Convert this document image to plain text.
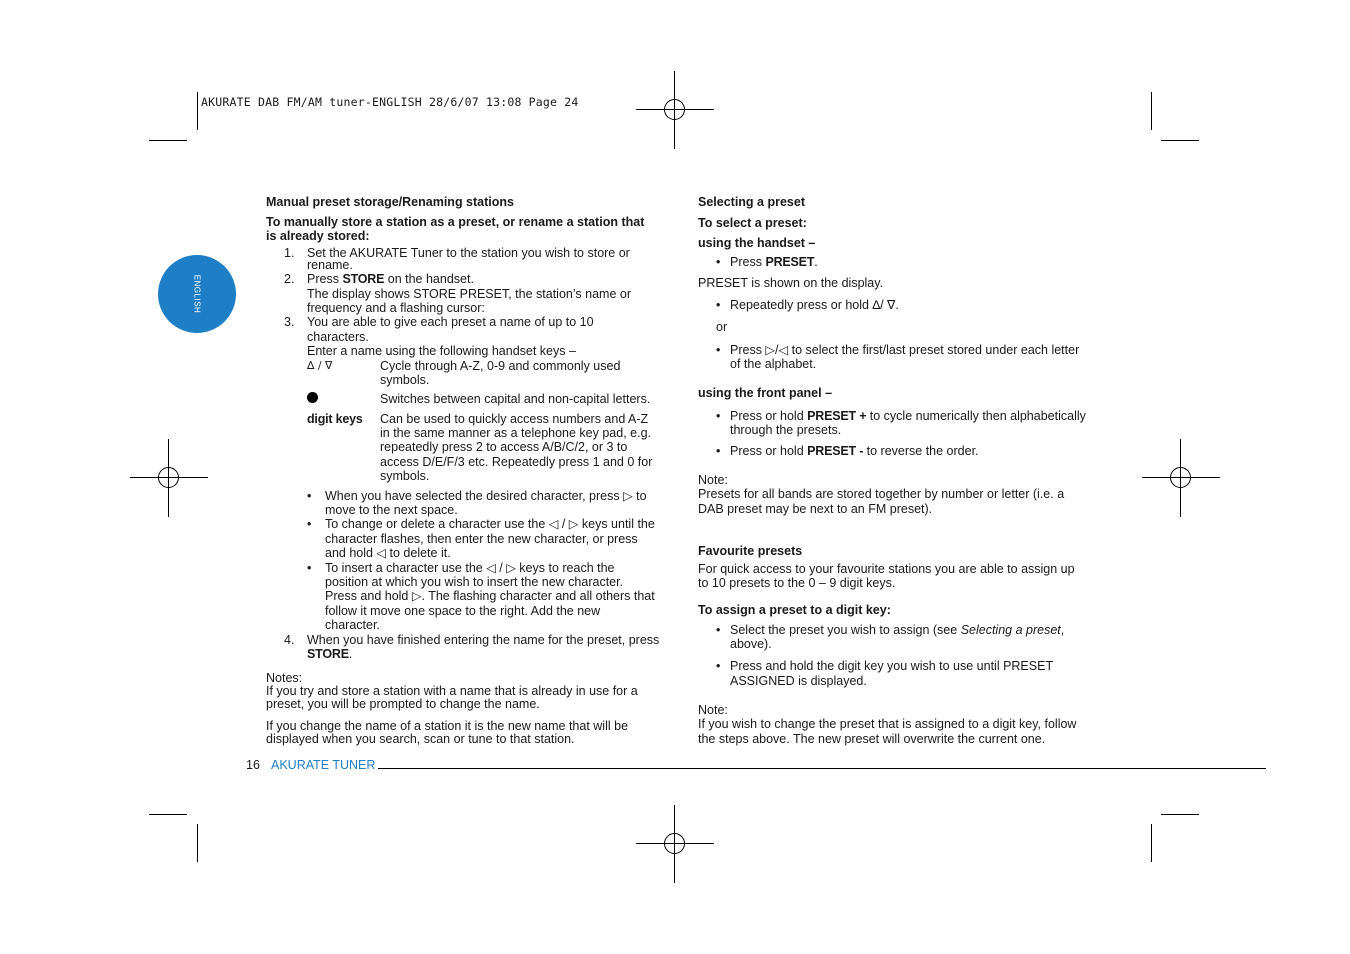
AKURATE DAB FM/AM tuner-ENGLISH 28/6/07 13:08 Page 24
ENGLISH
Manual preset storage/Renaming stations
To manually store a station as a preset, or rename a station that
is already stored:
1. Set the AKURATE Tuner to the station you wish to store or
rename.
2. Press STORE on the handset.
The display shows STORE PRESET, the station’s name or
frequency and a flashing cursor:
3. You are able to give each preset a name of up to 10
characters.
Enter a name using the following handset keys –
∆ / ∇	Cycle through A-Z, 0-9 and commonly used
symbols.
Switches between capital and non-capital letters.
digit keys Can be used to quickly access numbers and A-Z
in the same manner as a telephone key pad, e.g.
repeatedly press 2 to access A/B/C/2, or 3 to
access D/E/F/3 etc. Repeatedly press 1 and 0 for
symbols.
• When you have selected the desired character, press ▷ to
move to the next space.
• To change or delete a character use the ◁ / ▷ keys until the
character flashes, then enter the new character, or press
and hold ◁ to delete it.
• To insert a character use the ◁ / ▷ keys to reach the
position at which you wish to insert the new character.
Press and hold ▷. The flashing character and all others that
follow it move one space to the right. Add the new
character.
4. When you have finished entering the name for the preset, press
STORE.
Notes:
If you try and store a station with a name that is already in use for a
preset, you will be prompted to change the name.
If you change the name of a station it is the new name that will be
displayed when you search, scan or tune to that station.
Selecting a preset
To select a preset:
using the handset –
• Press PRESET.
PRESET is shown on the display.
• Repeatedly press or hold ∆/ ∇.
or
• Press ▷/◁ to select the first/last preset stored under each letter
of the alphabet.
using the front panel –
• Press or hold PRESET + to cycle numerically then alphabetically
through the presets.
• Press or hold PRESET - to reverse the order.
Note:
Presets for all bands are stored together by number or letter (i.e. a
DAB preset may be next to an FM preset).
Favourite presets
For quick access to your favourite stations you are able to assign up
to 10 presets to the 0 – 9 digit keys.
To assign a preset to a digit key:
• Select the preset you wish to assign (see Selecting a preset,
above).
• Press and hold the digit key you wish to use until PRESET
ASSIGNED is displayed.
Note:
If you wish to change the preset that is assigned to a digit key, follow
the steps above. The new preset will overwrite the current one.
16 AKURATE TUNER
